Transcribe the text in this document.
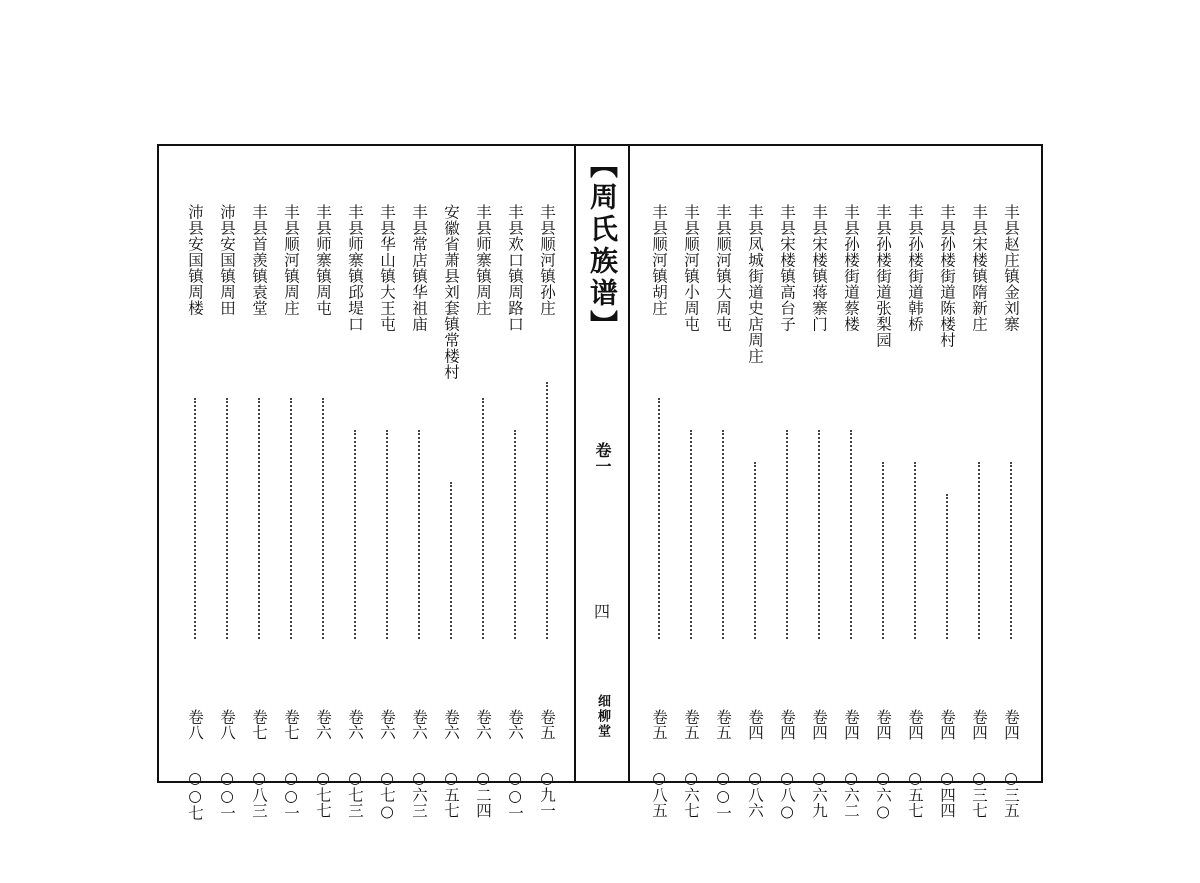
丰县顺河镇孙庄
卷五
○九一
丰县欢口镇周路口
卷六
○○一
丰县师寨镇周庄
卷六
○二四
安徽省萧县刘套镇常楼村
卷六
○五七
丰县常店镇华祖庙
卷六
○六三
丰县华山镇大王屯
卷六
○七○
丰县师寨镇邱堤口
卷六
○七三
丰县师寨镇周屯
卷六
○七七
丰县顺河镇周庄
卷七
○○一
丰县首羡镇袁堂
卷七
○八三
沛县安国镇周田
卷八
○○一
沛县安国镇周楼
卷八
○○七
【周氏族谱】
卷一
四
细柳堂
丰县赵庄镇金刘寨
卷四
○三五
丰县宋楼镇隋新庄
卷四
○三七
丰县孙楼街道陈楼村
卷四
○四四
丰县孙楼街道韩桥
卷四
○五七
丰县孙楼街道张梨园
卷四
○六○
丰县孙楼街道蔡楼
卷四
○六二
丰县宋楼镇蒋寨门
卷四
○六九
丰县宋楼镇高台子
卷四
○八○
丰县凤城街道史店周庄
卷四
○八六
丰县顺河镇大周屯
卷五
○○一
丰县顺河镇小周屯
卷五
○六七
丰县顺河镇胡庄
卷五
○八五
